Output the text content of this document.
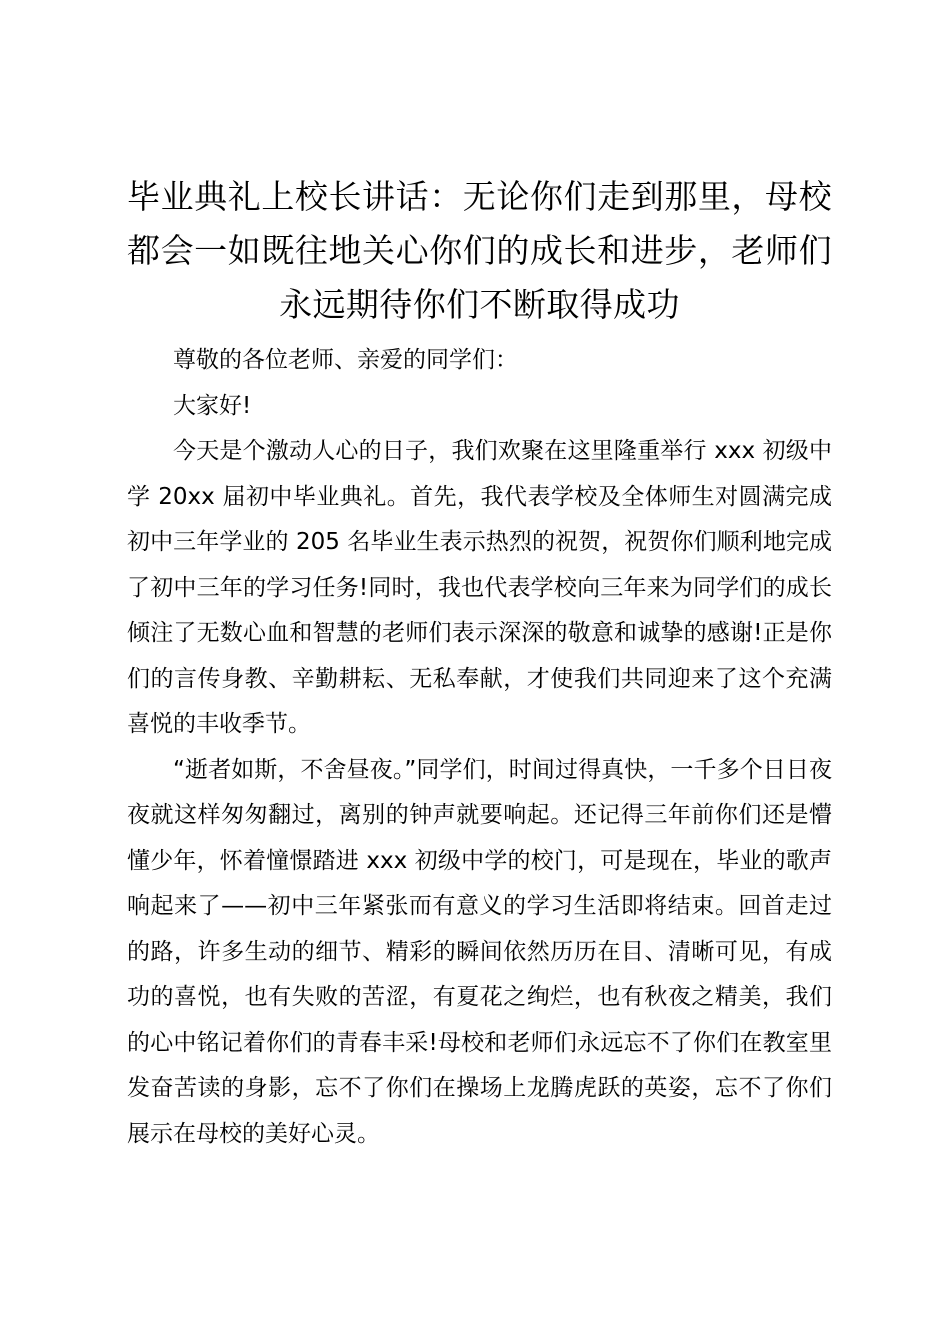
毕业典礼上校长讲话：无论你们走到那里，母校都会一如既往地关心你们的成长和进步，老师们永远期待你们不断取得成功

尊敬的各位老师、亲爱的同学们：

大家好!

今天是个激动人心的日子，我们欢聚在这里隆重举行 xxx 初级中学 20xx 届初中毕业典礼。首先，我代表学校及全体师生对圆满完成初中三年学业的 205 名毕业生表示热烈的祝贺，祝贺你们顺利地完成了初中三年的学习任务!同时，我也代表学校向三年来为同学们的成长倾注了无数心血和智慧的老师们表示深深的敬意和诚挚的感谢!正是你们的言传身教、辛勤耕耘、无私奉献，才使我们共同迎来了这个充满喜悦的丰收季节。

“逝者如斯，不舍昼夜。”同学们，时间过得真快，一千多个日日夜夜就这样匆匆翻过，离别的钟声就要响起。还记得三年前你们还是懵懂少年，怀着憧憬踏进 xxx 初级中学的校门，可是现在，毕业的歌声响起来了——初中三年紧张而有意义的学习生活即将结束。回首走过的路，许多生动的细节、精彩的瞬间依然历历在目、清晰可见，有成功的喜悦，也有失败的苦涩，有夏花之绚烂，也有秋夜之精美，我们的心中铭记着你们的青春丰采!母校和老师们永远忘不了你们在教室里发奋苦读的身影，忘不了你们在操场上龙腾虎跃的英姿，忘不了你们展示在母校的美好心灵。
